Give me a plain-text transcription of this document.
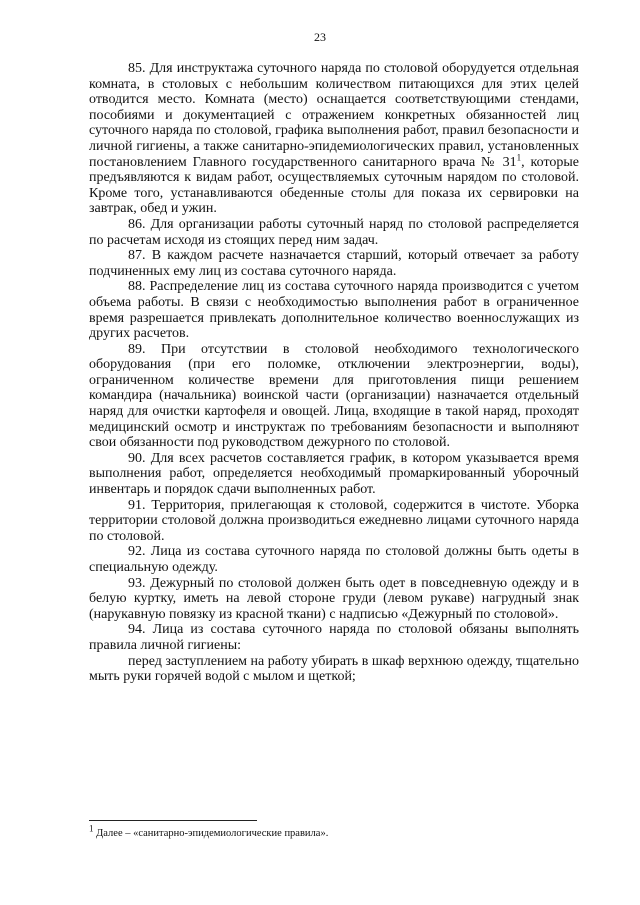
23

85. Для инструктажа суточного наряда по столовой оборудуется отдельная комната, в столовых с небольшим количеством питающихся для этих целей отводится место. Комната (место) оснащается соответствующими стендами, пособиями и документацией с отражением конкретных обязанностей лиц суточного наряда по столовой, графика выполнения работ, правил безопасности и личной гигиены, а также санитарно-эпидемиологических правил, установленных постановлением Главного государственного санитарного врача № $31^1$, которые предъявляются к видам работ, осуществляемых суточным нарядом по столовой. Кроме того, устанавливаются обеденные столы для показа их сервировки на завтрак, обед и ужин.

86. Для организации работы суточный наряд по столовой распределяется по расчетам исходя из стоящих перед ним задач.

87. В каждом расчете назначается старший, который отвечает за работу подчиненных ему лиц из состава суточного наряда.

88. Распределение лиц из состава суточного наряда производится с учетом объема работы. В связи с необходимостью выполнения работ в ограниченное время разрешается привлекать дополнительное количество военнослужащих из других расчетов.

89. При отсутствии в столовой необходимого технологического оборудования (при его поломке, отключении электроэнергии, воды), ограниченном количестве времени для приготовления пищи решением командира (начальника) воинской части (организации) назначается отдельный наряд для очистки картофеля и овощей. Лица, входящие в такой наряд, проходят медицинский осмотр и инструктаж по требованиям безопасности и выполняют свои обязанности под руководством дежурного по столовой.

90. Для всех расчетов составляется график, в котором указывается время выполнения работ, определяется необходимый промаркированный уборочный инвентарь и порядок сдачи выполненных работ.

91. Территория, прилегающая к столовой, содержится в чистоте. Уборка территории столовой должна производиться ежедневно лицами суточного наряда по столовой.

92. Лица из состава суточного наряда по столовой должны быть одеты в специальную одежду.

93. Дежурный по столовой должен быть одет в повседневную одежду и в белую куртку, иметь на левой стороне груди (левом рукаве) нагрудный знак (нарукавную повязку из красной ткани) с надписью «Дежурный по столовой».

94. Лица из состава суточного наряда по столовой обязаны выполнять правила личной гигиены:

перед заступлением на работу убирать в шкаф верхнюю одежду, тщательно мыть руки горячей водой с мылом и щеткой;

$^1$ Далее – «санитарно-эпидемиологические правила».
